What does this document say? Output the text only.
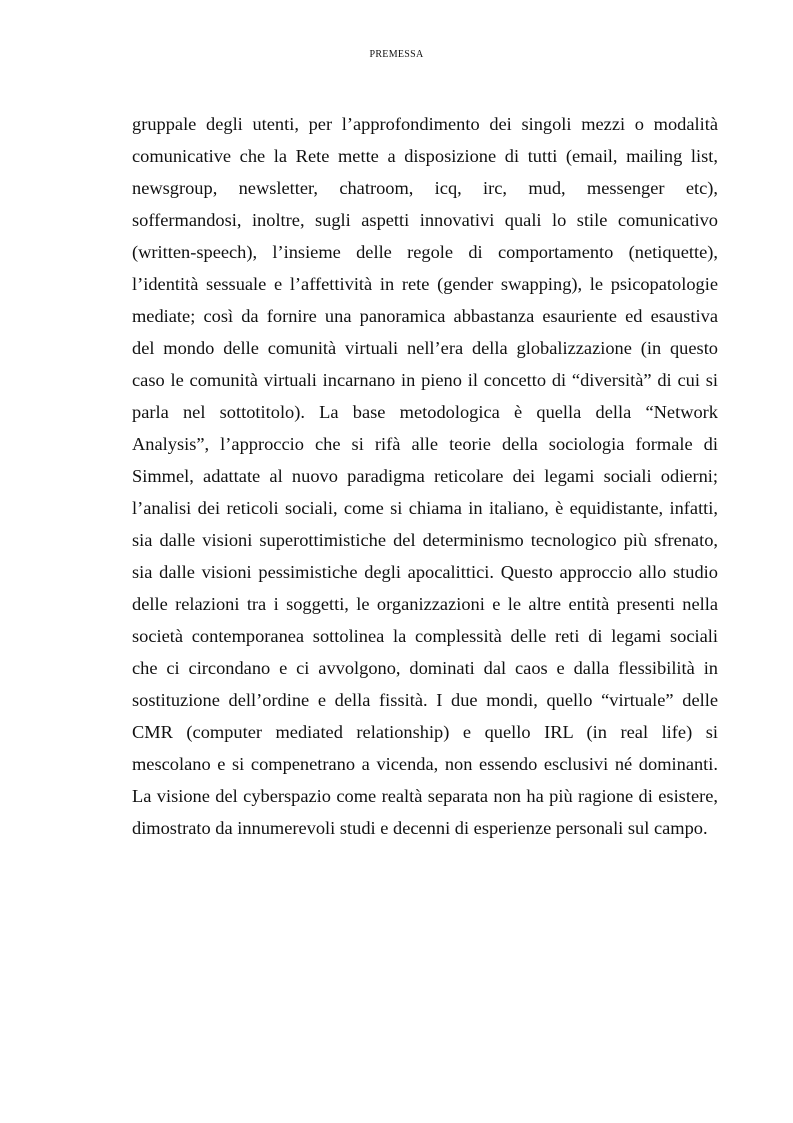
PREMESSA
gruppale degli utenti, per l’approfondimento dei singoli mezzi o modalità
comunicative che la Rete mette a disposizione di tutti (email, mailing list,
newsgroup, newsletter, chatroom, icq, irc, mud, messenger etc),
soffermandosi, inoltre, sugli aspetti innovativi quali lo stile comunicativo
(written-speech), l’insieme delle regole di comportamento (netiquette),
l’identità sessuale e l’affettività in rete (gender swapping), le psicopatologie
mediate; così da fornire una panoramica abbastanza esauriente ed esaustiva
del mondo delle comunità virtuali nell’era della globalizzazione (in questo
caso le comunità virtuali incarnano in pieno il concetto di “diversità” di cui si
parla nel sottotitolo). La base metodologica è quella della “Network
Analysis”, l’approccio che si rifà alle teorie della sociologia formale di
Simmel, adattate al nuovo paradigma reticolare dei legami sociali odierni;
l’analisi dei reticoli sociali, come si chiama in italiano, è equidistante, infatti,
sia dalle visioni superottimistiche del determinismo tecnologico più sfrenato,
sia dalle visioni pessimistiche degli apocalittici. Questo approccio allo studio
delle relazioni tra i soggetti, le organizzazioni e le altre entità presenti nella
società contemporanea sottolinea la complessità delle reti di legami sociali
che ci circondano e ci avvolgono, dominati dal caos e dalla flessibilità in
sostituzione dell’ordine e della fissità. I due mondi, quello “virtuale” delle
CMR (computer mediated relationship) e quello IRL (in real life) si
mescolano e si compenetrano a vicenda, non essendo esclusivi né dominanti.
La visione del cyberspazio come realtà separata non ha più ragione di esistere,
dimostrato da innumerevoli studi e decenni di esperienze personali sul campo.
